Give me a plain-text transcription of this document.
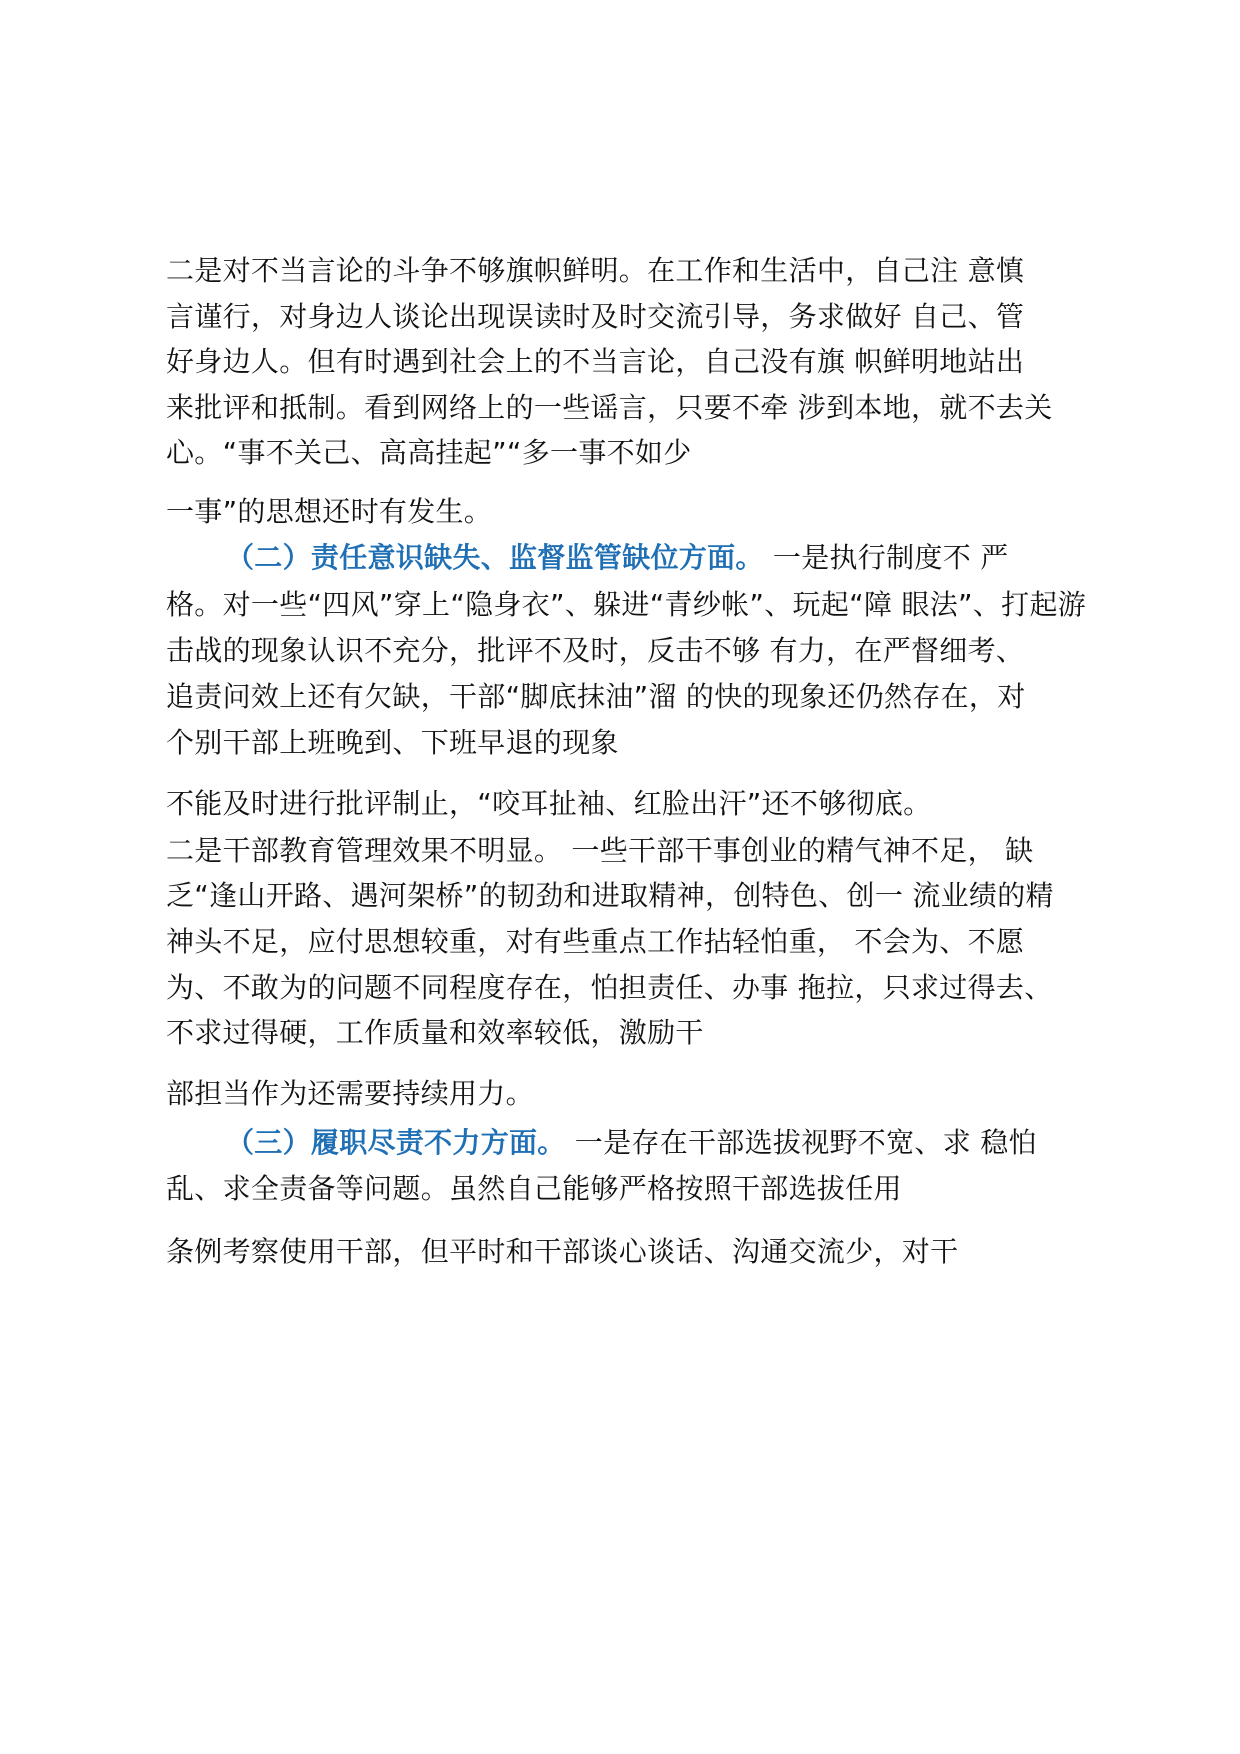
二是对不当言论的斗争不够旗帜鲜明。在工作和生活中，自己注 意慎

言谨行，对身边人谈论出现误读时及时交流引导，务求做好 自己、管

好身边人。但有时遇到社会上的不当言论，自己没有旗 帜鲜明地站出

来批评和抵制。看到网络上的一些谣言，只要不牵 涉到本地，就不去关

心。“事不关己、高高挂起”“多一事不如少

一事”的思想还时有发生。

（二）责任意识缺失、监督监管缺位方面。 一是执行制度不 严

格。对一些“四风”穿上“隐身衣”、躲进“青纱帐”、玩起“障 眼法”、打起游

击战的现象认识不充分，批评不及时，反击不够 有力，在严督细考、

追责问效上还有欠缺，干部“脚底抹油”溜 的快的现象还仍然存在，对

个别干部上班晚到、下班早退的现象

不能及时进行批评制止，“咬耳扯袖、红脸出汗”还不够彻底。

二是干部教育管理效果不明显。 一些干部干事创业的精气神不足， 缺

乏“逢山开路、遇河架桥”的韧劲和进取精神，创特色、创一 流业绩的精

神头不足，应付思想较重，对有些重点工作拈轻怕重， 不会为、不愿

为、不敢为的问题不同程度存在，怕担责任、办事 拖拉，只求过得去、

不求过得硬，工作质量和效率较低，激励干

部担当作为还需要持续用力。

（三）履职尽责不力方面。 一是存在干部选拔视野不宽、求 稳怕

乱、求全责备等问题。虽然自己能够严格按照干部选拔任用

条例考察使用干部，但平时和干部谈心谈话、沟通交流少，对干
